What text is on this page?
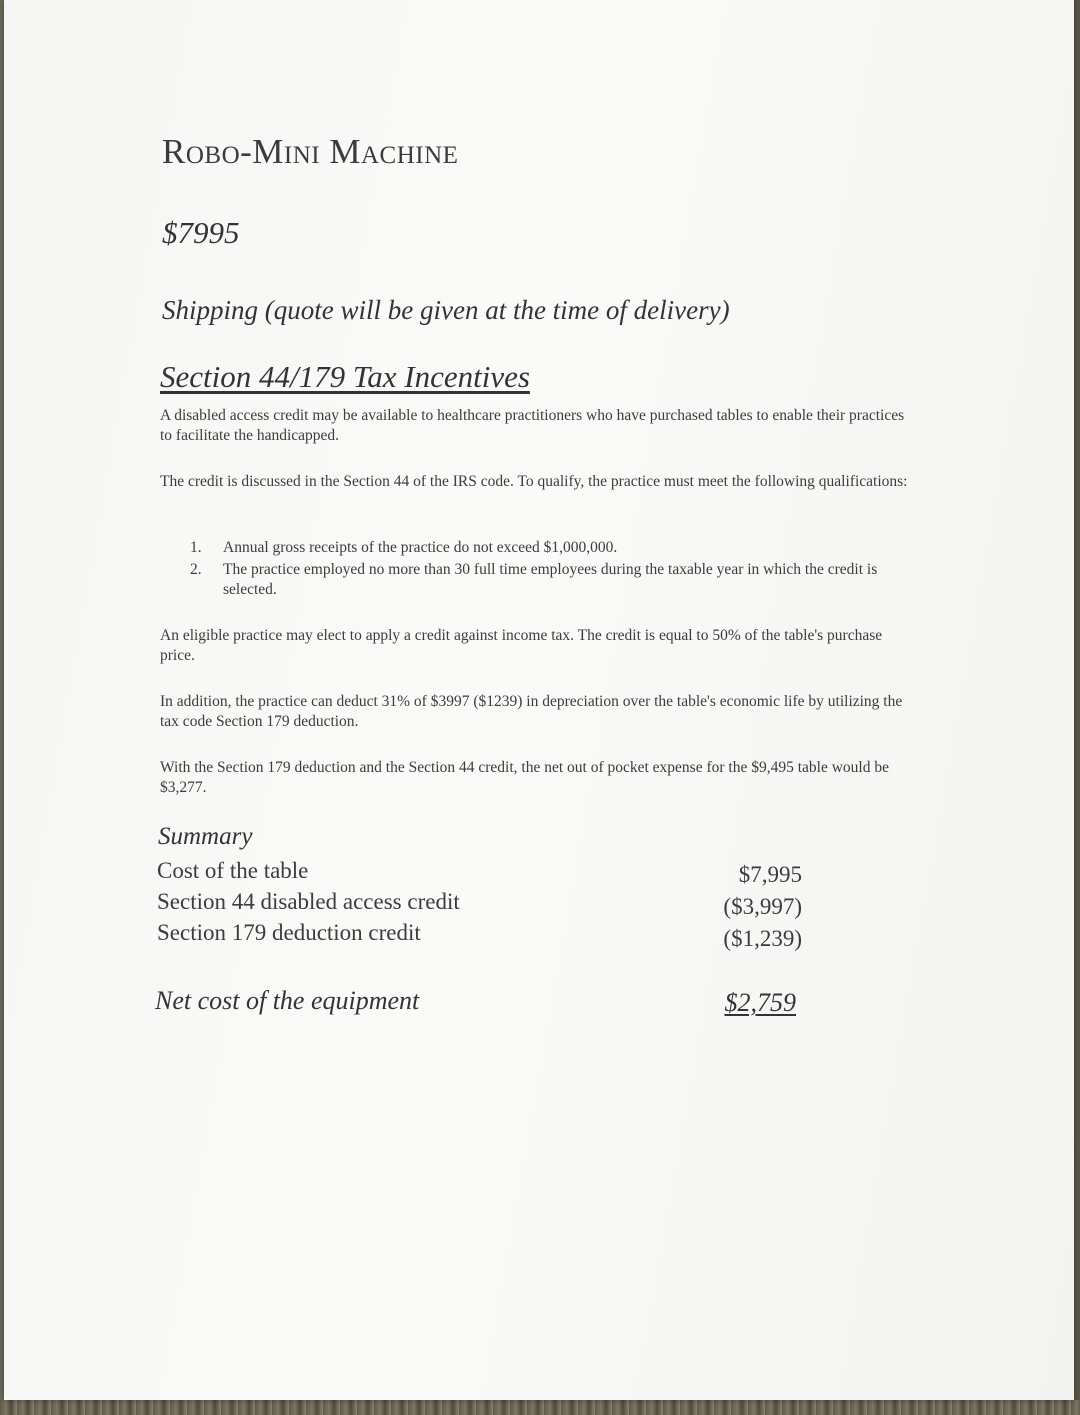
Robo-Mini Machine
$7995
Shipping (quote will be given at the time of delivery)
Section 44/179 Tax Incentives
A disabled access credit may be available to healthcare practitioners who have purchased tables to enable their practices to facilitate the handicapped.
The credit is discussed in the Section 44 of the IRS code. To qualify, the practice must meet the following qualifications:
1. Annual gross receipts of the practice do not exceed $1,000,000.
2. The practice employed no more than 30 full time employees during the taxable year in which the credit is selected.
An eligible practice may elect to apply a credit against income tax. The credit is equal to 50% of the table's purchase price.
In addition, the practice can deduct 31% of $3997 ($1239) in depreciation over the table's economic life by utilizing the tax code Section 179 deduction.
With the Section 179 deduction and the Section 44 credit, the net out of pocket expense for the $9,495 table would be $3,277.
Summary
Cost of the table	$7,995
Section 44 disabled access credit	($3,997)
Section 179 deduction credit	($1,239)
Net cost of the equipment	$2,759
